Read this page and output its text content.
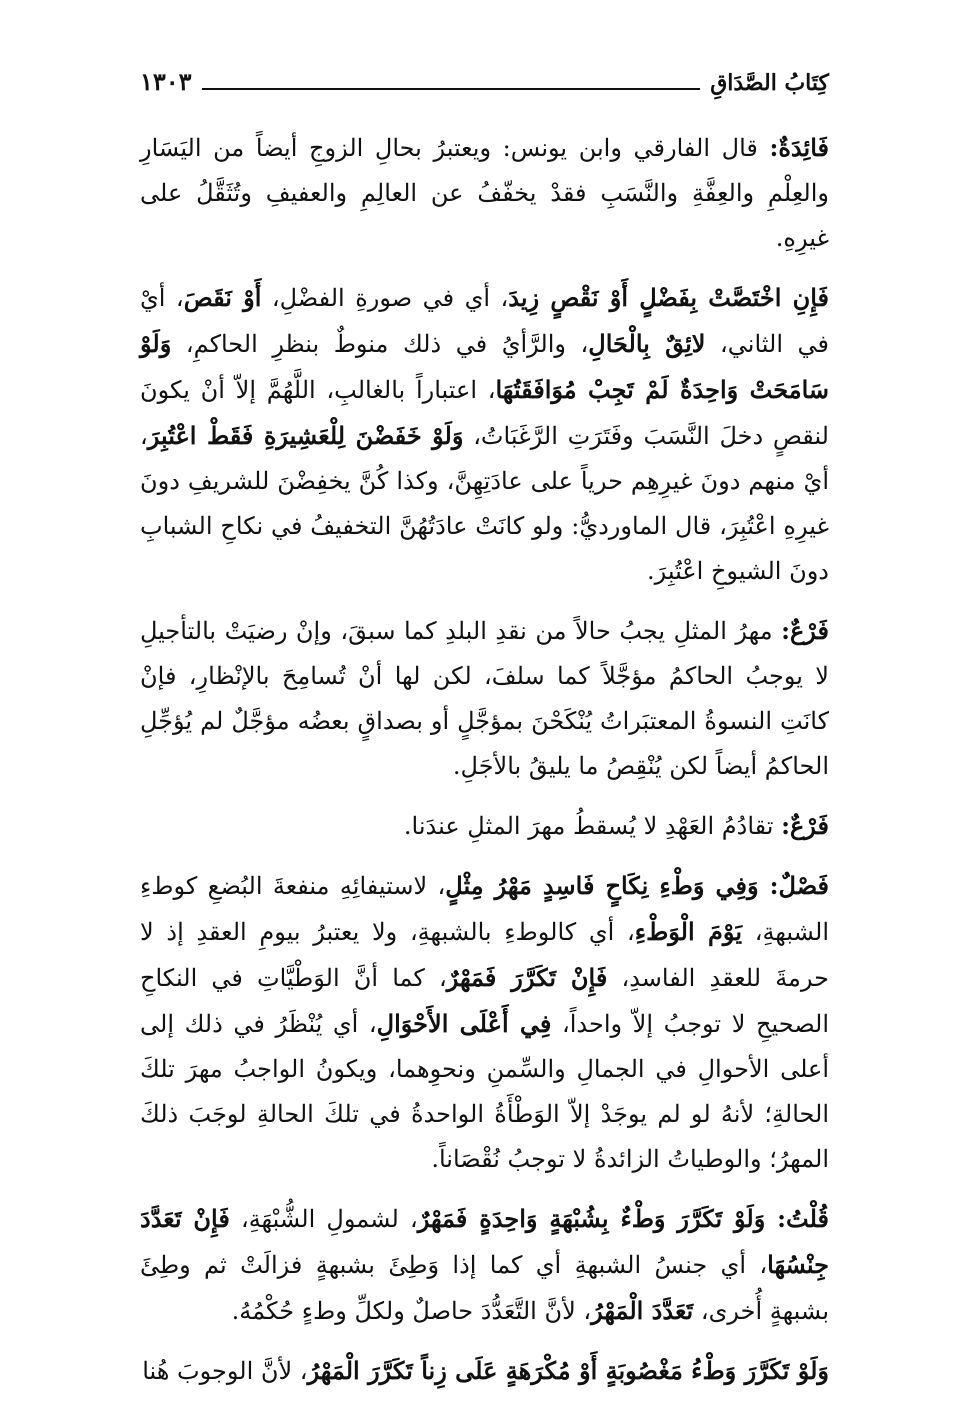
كِتَابُ الصَّدَاقِ
١٣٠٣

فَائِدَةٌ: قال الفارقي وابن يونس: ويعتبرُ بحالِ الزوجِ أيضاً من اليَسَارِ والعِلْمِ والعِفَّةِ والنَّسَبِ فقدْ يخفّفُ عن العالِمِ والعفيفِ وتُثَقَّلُ على غيرِهِ.

فَإِنِ اخْتَصَّتْ بِفَضْلٍ أَوْ نَقْصٍ زِيدَ، أي في صورةِ الفضْلِ، أَوْ نَقَصَ، أيْ في الثاني، لائِقٌ بِالْحَالِ، والرَّأيُ في ذلك منوطٌ بنظرِ الحاكمِ، وَلَوْ سَامَحَتْ وَاحِدَةٌ لَمْ تَجِبْ مُوَافَقَتُهَا، اعتباراً بالغالبِ، اللَّهُمَّ إلاّ أنْ يكونَ لنقصٍ دخلَ النَّسَبَ وفَتَرَتِ الرَّغَبَاتُ، وَلَوْ خَفَضْنَ لِلْعَشِيرَةِ فَقَطْ اعْتُبِرَ، أيْ منهم دونَ غيرِهِم حرياً على عادَتِهِنَّ، وكذا كُنَّ يخفِضْنَ للشريفِ دونَ غيرِهِ اعْتُبِرَ، قال الماورديُّ: ولو كانَتْ عادَتُهُنَّ التخفيفُ في نكاحِ الشبابِ دونَ الشيوخِ اعْتُبِرَ.

فَرْعٌ: مهرُ المثلِ يجبُ حالاً من نقدِ البلدِ كما سبقَ، وإنْ رضيَتْ بالتأجيلِ لا يوجبُ الحاكمُ مؤجَّلاً كما سلفَ، لكن لها أنْ تُسامِحَ بالإنْظارِ، فإنْ كانَتِ النسوةُ المعتبَراتُ يُنْكَحْنَ بمؤجَّلٍ أو بصداقٍ بعضُه مؤجَّلٌ لم يُؤجِّلِ الحاكمُ أيضاً لكن يُنْقِصُ ما يليقُ بالأجَلِ.

فَرْعٌ: تقادُمُ العَهْدِ لا يُسقطُ مهرَ المثلِ عندَنا.

فَصْلٌ: وَفِي وَطْءِ نِكَاحٍ فَاسِدٍ مَهْرُ مِثْلٍ، لاستيفائِهِ منفعةَ البُضعِ كوطءِ الشبهةِ، يَوْمَ الْوَطْءِ، أي كالوطءِ بالشبهةِ، ولا يعتبرُ بيومِ العقدِ إذ لا حرمةَ للعقدِ الفاسدِ، فَإِنْ تَكَرَّرَ فَمَهْرٌ، كما أنَّ الوَطْيَّاتِ في النكاحِ الصحيحِ لا توجبُ إلاّ واحداً، فِي أَعْلَى الأَحْوَالِ، أي يُنْظَرُ في ذلك إلى أعلى الأحوالِ في الجمالِ والسِّمنِ ونحوِهما، ويكونُ الواجبُ مهرَ تلكَ الحالةِ؛ لأنهُ لو لم يوجَدْ إلاّ الوَطْأَةُ الواحدةُ في تلكَ الحالةِ لوجَبَ ذلكَ المهرُ؛ والوطياتُ الزائدةُ لا توجبُ نُقْصَاناً.

قُلْتُ: وَلَوْ تَكَرَّرَ وَطْءٌ بِشُبْهَةٍ وَاحِدَةٍ فَمَهْرٌ، لشمولِ الشُّبْهَةِ، فَإِنْ تَعَدَّدَ جِنْسُهَا، أي جنسُ الشبهةِ أي كما إذا وَطِئَ بشبهةٍ فزالَتْ ثم وطِئَ بشبهةٍ أُخرى، تَعَدَّدَ الْمَهْرُ، لأنَّ التَّعَدُّدَ حاصلٌ ولكلِّ وطءٍ حُكْمُهُ.

وَلَوْ تَكَرَّرَ وَطْءُ مَغْصُوبَةٍ أَوْ مُكْرَهَةٍ عَلَى زِناً تَكَرَّرَ الْمَهْرُ، لأنَّ الوجوبَ هُنا
